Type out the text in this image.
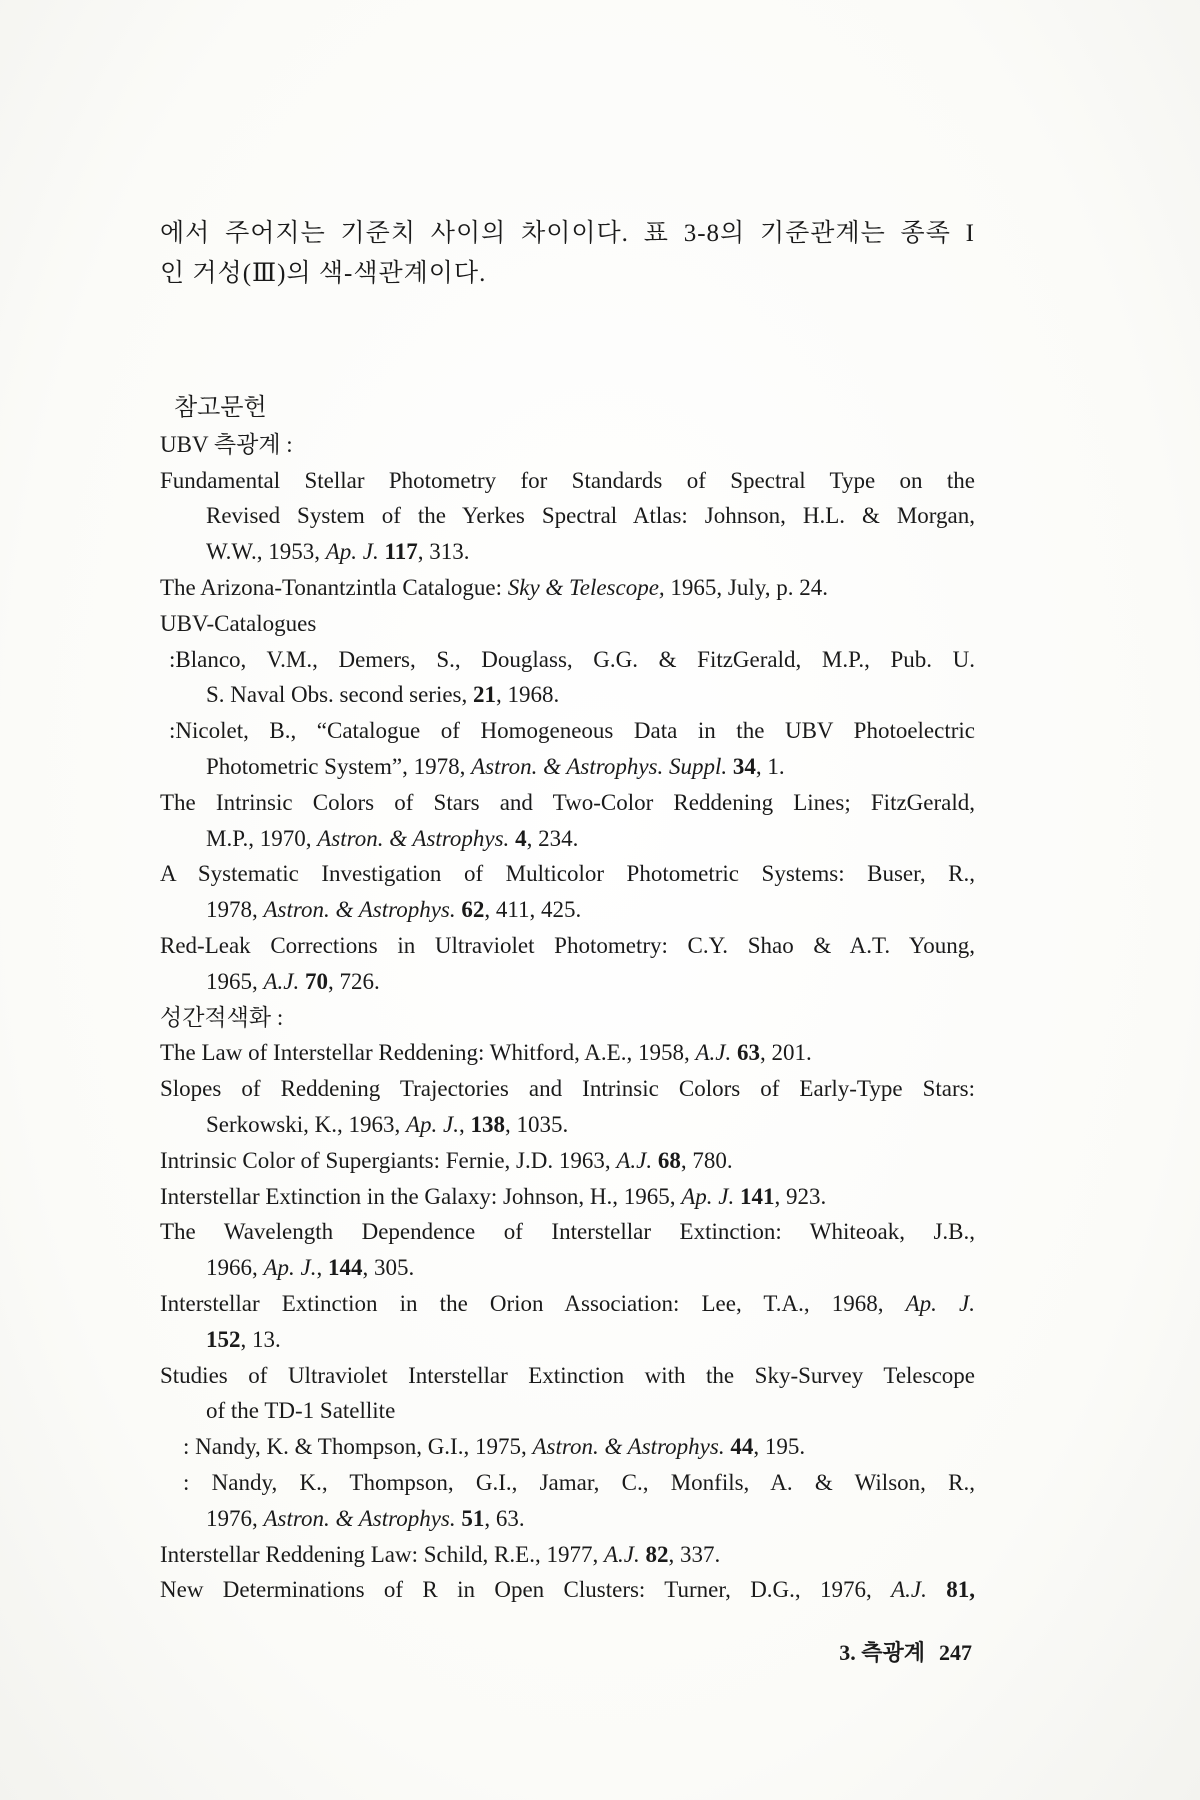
에서 주어지는 기준치 사이의 차이이다. 표 3-8의 기준관계는 종족 I
인 거성(Ⅲ)의 색-색관계이다.
참고문헌
UBV 측광계 :
Fundamental Stellar Photometry for Standards of Spectral Type on the
Revised System of the Yerkes Spectral Atlas: Johnson, H.L. & Morgan,
W.W., 1953, Ap. J. 117, 313.
The Arizona-Tonantzintla Catalogue: Sky & Telescope, 1965, July, p. 24.
UBV-Catalogues
:Blanco, V.M., Demers, S., Douglass, G.G. & FitzGerald, M.P., Pub. U.
S. Naval Obs. second series, 21, 1968.
:Nicolet, B., “Catalogue of Homogeneous Data in the UBV Photoelectric
Photometric System”, 1978, Astron. & Astrophys. Suppl. 34, 1.
The Intrinsic Colors of Stars and Two-Color Reddening Lines; FitzGerald,
M.P., 1970, Astron. & Astrophys. 4, 234.
A Systematic Investigation of Multicolor Photometric Systems: Buser, R.,
1978, Astron. & Astrophys. 62, 411, 425.
Red-Leak Corrections in Ultraviolet Photometry: C.Y. Shao & A.T. Young,
1965, A.J. 70, 726.
성간적색화 :
The Law of Interstellar Reddening: Whitford, A.E., 1958, A.J. 63, 201.
Slopes of Reddening Trajectories and Intrinsic Colors of Early-Type Stars:
Serkowski, K., 1963, Ap. J., 138, 1035.
Intrinsic Color of Supergiants: Fernie, J.D. 1963, A.J. 68, 780.
Interstellar Extinction in the Galaxy: Johnson, H., 1965, Ap. J. 141, 923.
The Wavelength Dependence of Interstellar Extinction: Whiteoak, J.B.,
1966, Ap. J., 144, 305.
Interstellar Extinction in the Orion Association: Lee, T.A., 1968, Ap. J.
152, 13.
Studies of Ultraviolet Interstellar Extinction with the Sky-Survey Telescope
of the TD-1 Satellite
: Nandy, K. & Thompson, G.I., 1975, Astron. & Astrophys. 44, 195.
: Nandy, K., Thompson, G.I., Jamar, C., Monfils, A. & Wilson, R.,
1976, Astron. & Astrophys. 51, 63.
Interstellar Reddening Law: Schild, R.E., 1977, A.J. 82, 337.
New Determinations of R in Open Clusters: Turner, D.G., 1976, A.J. 81,
3. 측광계 247
